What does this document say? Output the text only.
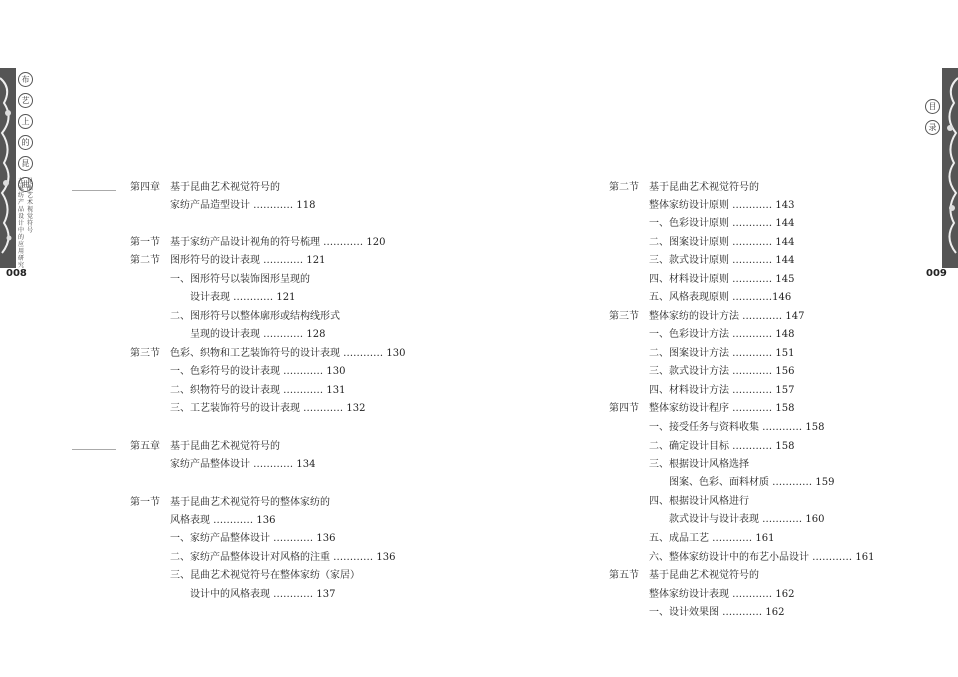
布
艺
上
的
昆
曲
昆曲艺术视觉符号
在家纺产品设计中的应用研究
008
目
录
009
第四章 基于昆曲艺术视觉符号的
家纺产品造型设计 ………… 118
第一节 基于家纺产品设计视角的符号梳理 ………… 120
第二节 图形符号的设计表现 ………… 121
一、图形符号以装饰图形呈现的
　　设计表现 ………… 121
二、图形符号以整体廓形或结构线形式
　　呈现的设计表现 ………… 128
第三节 色彩、织物和工艺装饰符号的设计表现 ………… 130
一、色彩符号的设计表现 ………… 130
二、织物符号的设计表现 ………… 131
三、工艺装饰符号的设计表现 ………… 132
第五章 基于昆曲艺术视觉符号的
家纺产品整体设计 ………… 134
第一节 基于昆曲艺术视觉符号的整体家纺的
风格表现 ………… 136
一、家纺产品整体设计 ………… 136
二、家纺产品整体设计对风格的注重 ………… 136
三、昆曲艺术视觉符号在整体家纺（家居）
　　设计中的风格表现 ………… 137
第二节 基于昆曲艺术视觉符号的
整体家纺设计原则 ………… 143
一、色彩设计原则 ………… 144
二、图案设计原则 ………… 144
三、款式设计原则 ………… 144
四、材料设计原则 ………… 145
五、风格表现原则 …………146
第三节 整体家纺的设计方法 ………… 147
一、色彩设计方法 ………… 148
二、图案设计方法 ………… 151
三、款式设计方法 ………… 156
四、材料设计方法 ………… 157
第四节 整体家纺设计程序 ………… 158
一、接受任务与资料收集 ………… 158
二、确定设计目标 ………… 158
三、根据设计风格选择
　　图案、色彩、面料材质 ………… 159
四、根据设计风格进行
　　款式设计与设计表现 ………… 160
五、成品工艺 ………… 161
六、整体家纺设计中的布艺小品设计 ………… 161
第五节 基于昆曲艺术视觉符号的
整体家纺设计表现 ………… 162
一、设计效果图 ………… 162
